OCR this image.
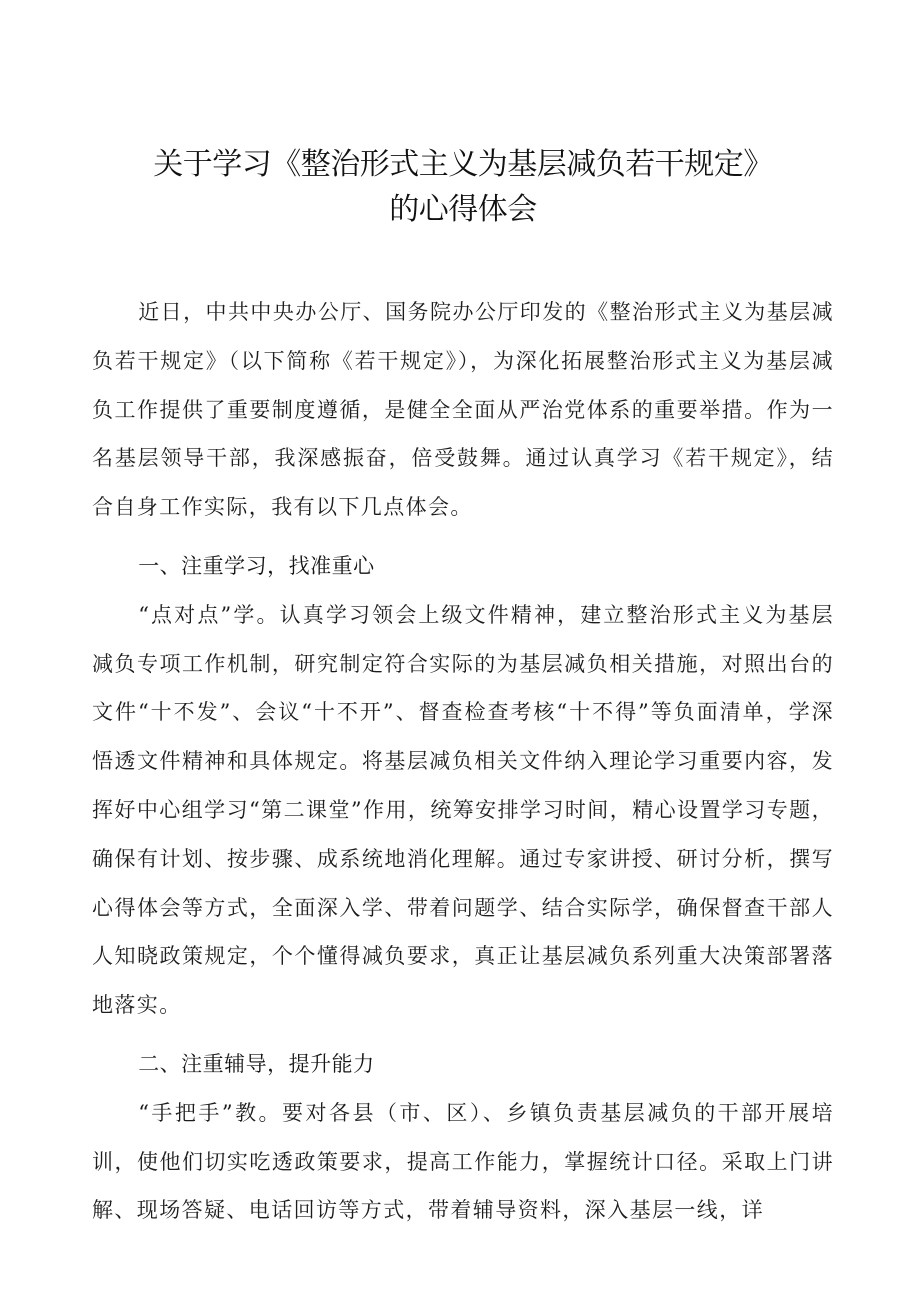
关于学习《整治形式主义为基层减负若干规定》
的心得体会

近日，中共中央办公厅、国务院办公厅印发的《整治形式主义为基层减负若干规定》（以下简称《若干规定》），为深化拓展整治形式主义为基层减负工作提供了重要制度遵循，是健全全面从严治党体系的重要举措。作为一名基层领导干部，我深感振奋，倍受鼓舞。通过认真学习《若干规定》，结合自身工作实际，我有以下几点体会。

一、注重学习，找准重心

“点对点”学。认真学习领会上级文件精神，建立整治形式主义为基层减负专项工作机制，研究制定符合实际的为基层减负相关措施，对照出台的文件“十不发”、会议“十不开”、督查检查考核“十不得”等负面清单，学深悟透文件精神和具体规定。将基层减负相关文件纳入理论学习重要内容，发挥好中心组学习“第二课堂”作用，统筹安排学习时间，精心设置学习专题，确保有计划、按步骤、成系统地消化理解。通过专家讲授、研讨分析，撰写心得体会等方式，全面深入学、带着问题学、结合实际学，确保督查干部人人知晓政策规定，个个懂得减负要求，真正让基层减负系列重大决策部署落地落实。

二、注重辅导，提升能力

“手把手”教。要对各县（市、区）、乡镇负责基层减负的干部开展培训，使他们切实吃透政策要求，提高工作能力，掌握统计口径。采取上门讲解、现场答疑、电话回访等方式，带着辅导资料，深入基层一线，详
